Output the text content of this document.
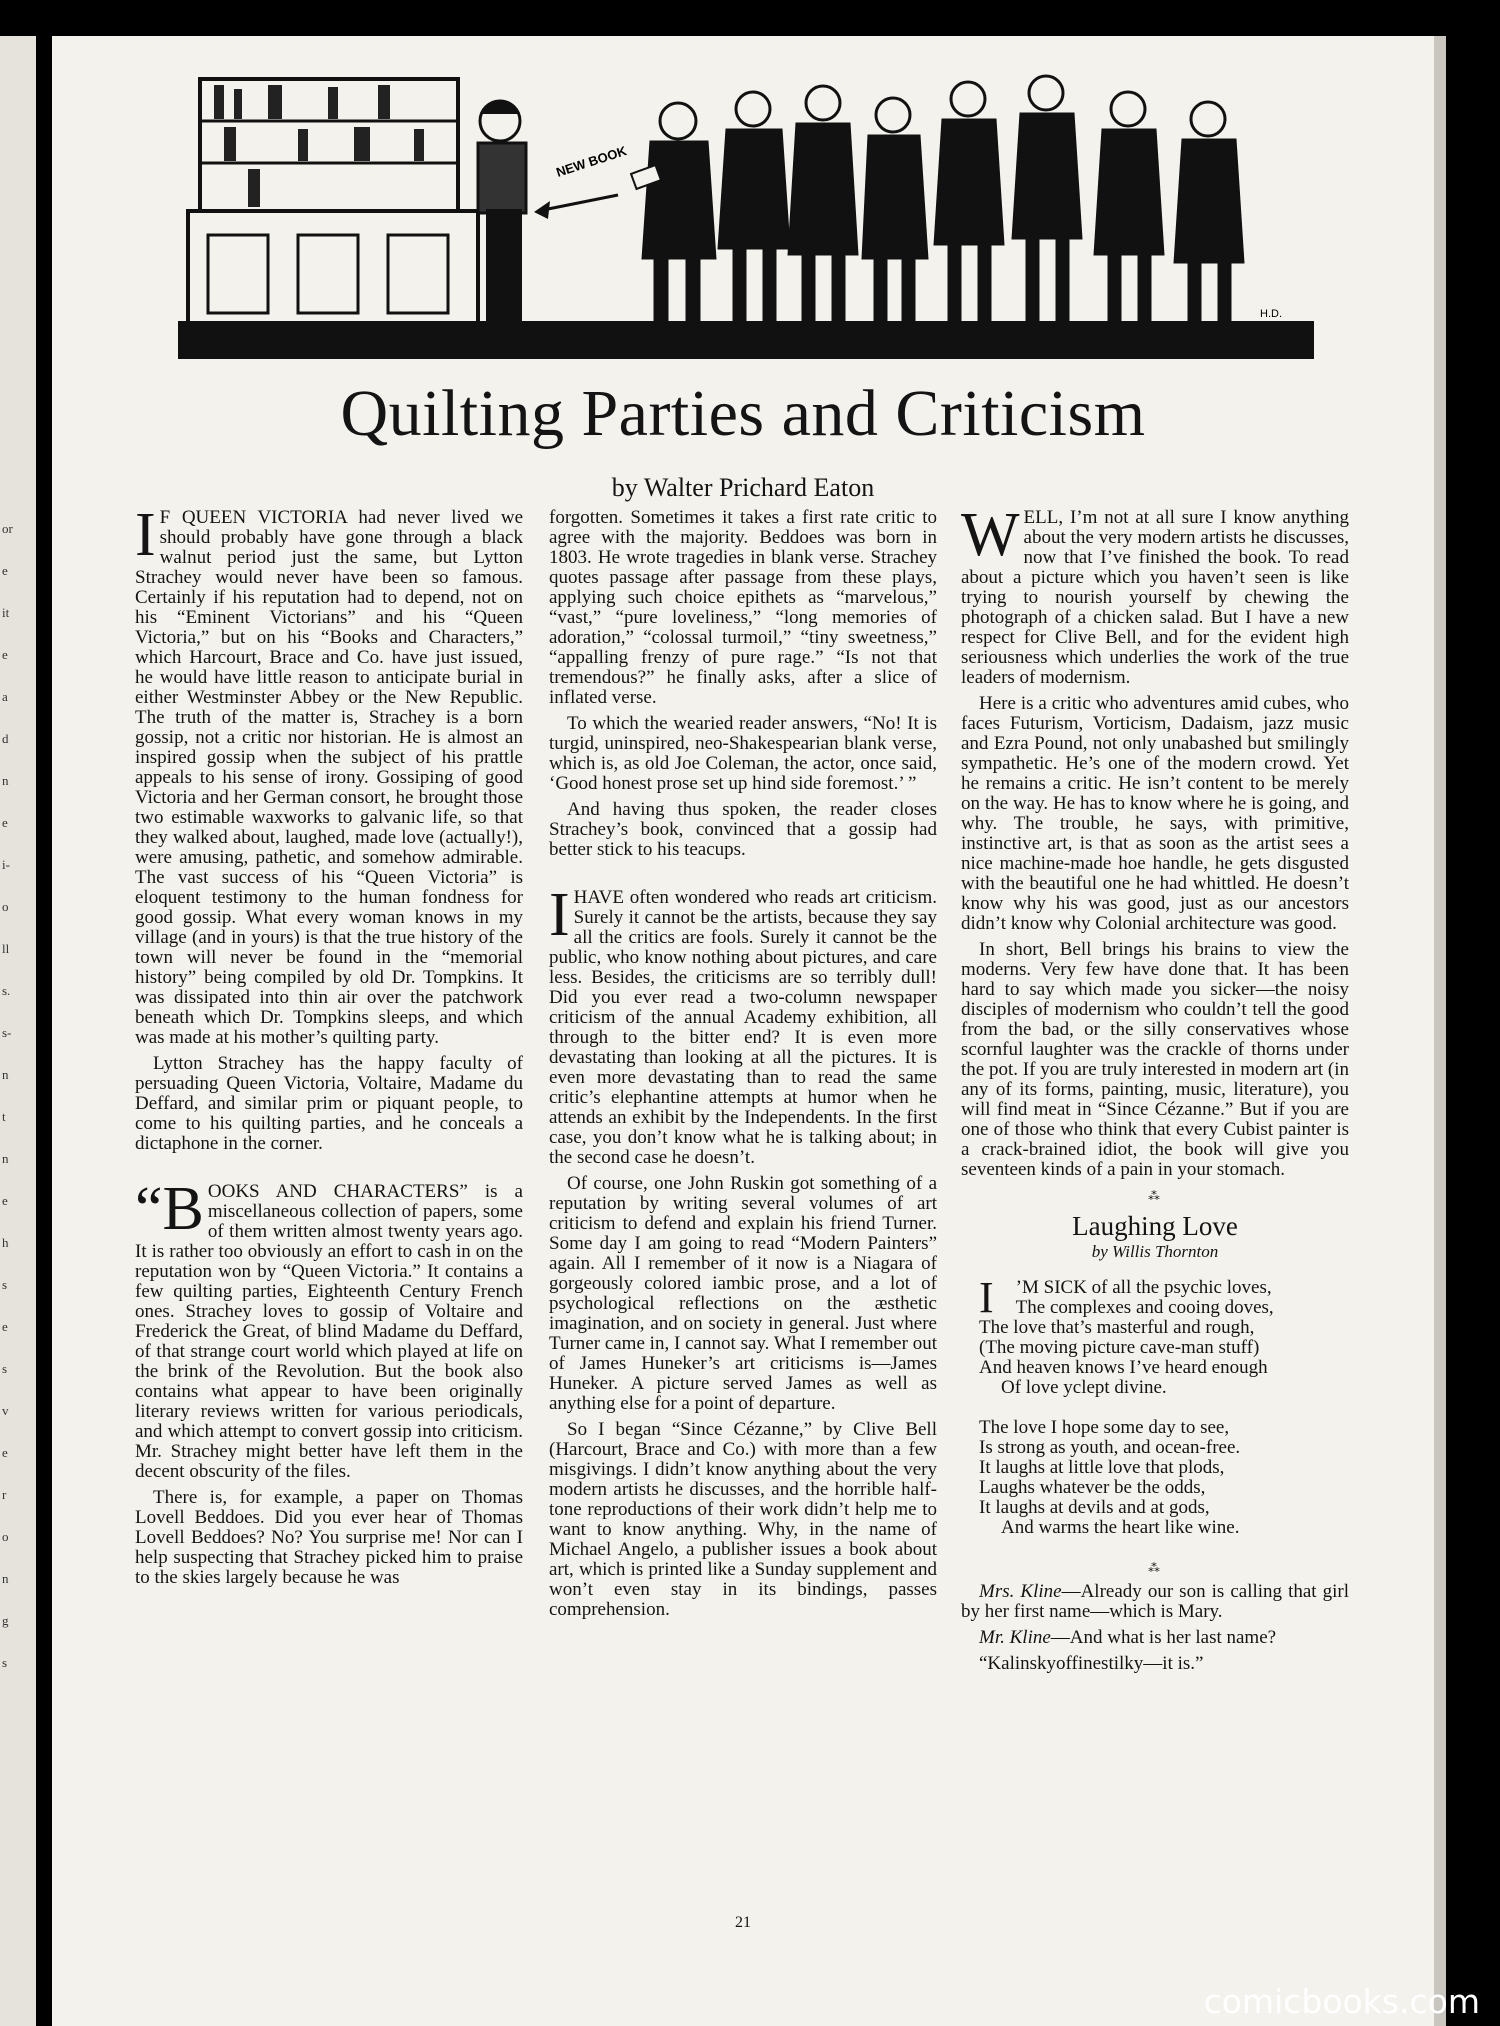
or
e
it
e
a
d
n
e
i-
o
ll
s.
s-
n
t
n
e
h
s
e
s
v
e
r
o
n
g
s
NEW BOOK
H.D.
Quilting Parties and Criticism
by Walter Prichard Eaton

I F QUEEN VICTORIA had never lived we should probably have gone through a black walnut period just the same, but Lytton Strachey would never have been so famous. Certainly if his reputation had to depend, not on his “Eminent Victorians” and his “Queen Victoria,” but on his “Books and Characters,” which Harcourt, Brace and Co. have just issued, he would have little reason to anticipate burial in either Westminster Abbey or the New Republic. The truth of the matter is, Strachey is a born gossip, not a critic nor historian. He is almost an inspired gossip when the subject of his prattle appeals to his sense of irony. Gossiping of good Victoria and her German consort, he brought those two estimable waxworks to galvanic life, so that they walked about, laughed, made love (actually!), were amusing, pathetic, and somehow admirable. The vast success of his “Queen Victoria” is eloquent testimony to the human fondness for good gossip. What every woman knows in my village (and in yours) is that the true history of the town will never be found in the “memorial history” being compiled by old Dr. Tompkins. It was dissipated into thin air over the patchwork beneath which Dr. Tompkins sleeps, and which was made at his mother’s quilting party.

Lytton Strachey has the happy faculty of persuading Queen Victoria, Voltaire, Madame du Deffard, and similar prim or piquant people, to come to his quilting parties, and he conceals a dictaphone in the corner.

“BOOKS AND CHARACTERS” is a miscellaneous collection of papers, some of them written almost twenty years ago. It is rather too obviously an effort to cash in on the reputation won by “Queen Victoria.” It contains a few quilting parties, Eighteenth Century French ones. Strachey loves to gossip of Voltaire and Frederick the Great, of blind Madame du Deffard, of that strange court world which played at life on the brink of the Revolution. But the book also contains what appear to have been originally literary reviews written for various periodicals, and which attempt to convert gossip into criticism. Mr. Strachey might better have left them in the decent obscurity of the files.

There is, for example, a paper on Thomas Lovell Beddoes. Did you ever hear of Thomas Lovell Beddoes? No? You surprise me! Nor can I help suspecting that Strachey picked him to praise to the skies largely because he was

forgotten. Sometimes it takes a first rate critic to agree with the majority. Beddoes was born in 1803. He wrote tragedies in blank verse. Strachey quotes passage after passage from these plays, applying such choice epithets as “marvelous,” “vast,” “pure loveliness,” “long memories of adoration,” “colossal turmoil,” “tiny sweetness,” “appalling frenzy of pure rage.” “Is not that tremendous?” he finally asks, after a slice of inflated verse.

To which the wearied reader answers, “No! It is turgid, uninspired, neo-Shakespearian blank verse, which is, as old Joe Coleman, the actor, once said, ‘Good honest prose set up hind side foremost.’ ”

And having thus spoken, the reader closes Strachey’s book, convinced that a gossip had better stick to his teacups.

IHAVE often wondered who reads art criticism. Surely it cannot be the artists, because they say all the critics are fools. Surely it cannot be the public, who know nothing about pictures, and care less. Besides, the criticisms are so terribly dull! Did you ever read a two-column newspaper criticism of the annual Academy exhibition, all through to the bitter end? It is even more devastating than looking at all the pictures. It is even more devastating than to read the same critic’s elephantine attempts at humor when he attends an exhibit by the Independents. In the first case, you don’t know what he is talking about; in the second case he doesn’t.

Of course, one John Ruskin got something of a reputation by writing several volumes of art criticism to defend and explain his friend Turner. Some day I am going to read “Modern Painters” again. All I remember of it now is a Niagara of gorgeously colored iambic prose, and a lot of psychological reflections on the æsthetic imagination, and on society in general. Just where Turner came in, I cannot say. What I remember out of James Huneker’s art criticisms is—James Huneker. A picture served James as well as anything else for a point of departure.

So I began “Since Cézanne,” by Clive Bell (Harcourt, Brace and Co.) with more than a few misgivings. I didn’t know anything about the very modern artists he discusses, and the horrible half-tone reproductions of their work didn’t help me to want to know anything. Why, in the name of Michael Angelo, a publisher issues a book about art, which is printed like a Sunday supplement and won’t even stay in its bindings, passes comprehension.

WELL, I’m not at all sure I know anything about the very modern artists he discusses, now that I’ve finished the book. To read about a picture which you haven’t seen is like trying to nourish yourself by chewing the photograph of a chicken salad. But I have a new respect for Clive Bell, and for the evident high seriousness which underlies the work of the true leaders of modernism.

Here is a critic who adventures amid cubes, who faces Futurism, Vorticism, Dadaism, jazz music and Ezra Pound, not only unabashed but smilingly sympathetic. He’s one of the modern crowd. Yet he remains a critic. He isn’t content to be merely on the way. He has to know where he is going, and why. The trouble, he says, with primitive, instinctive art, is that as soon as the artist sees a nice machine-made hoe handle, he gets disgusted with the beautiful one he had whittled. He doesn’t know why his was good, just as our ancestors didn’t know why Colonial architecture was good.

In short, Bell brings his brains to view the moderns. Very few have done that. It has been hard to say which made you sicker—the noisy disciples of modernism who couldn’t tell the good from the bad, or the silly conservatives whose scornful laughter was the crackle of thorns under the pot. If you are truly interested in modern art (in any of its forms, painting, music, literature), you will find meat in “Since Cézanne.” But if you are one of those who think that every Cubist painter is a crack-brained idiot, the book will give you seventeen kinds of a pain in your stomach.

⁂
Laughing Love
by Willis Thornton

I ’M SICK of all the psychic loves,

The complexes and cooing doves,

The love that’s masterful and rough,

(The moving picture cave-man stuff)

And heaven knows I’ve heard enough

Of love yclept divine.

The love I hope some day to see,

Is strong as youth, and ocean-free.

It laughs at little love that plods,

Laughs whatever be the odds,

It laughs at devils and at gods,

And warms the heart like wine.

⁂

Mrs. Kline—Already our son is calling that girl by her first name—which is Mary.

Mr. Kline—And what is her last name?

“Kalinskyoffinestilky—it is.”

21
comicbooks.com
